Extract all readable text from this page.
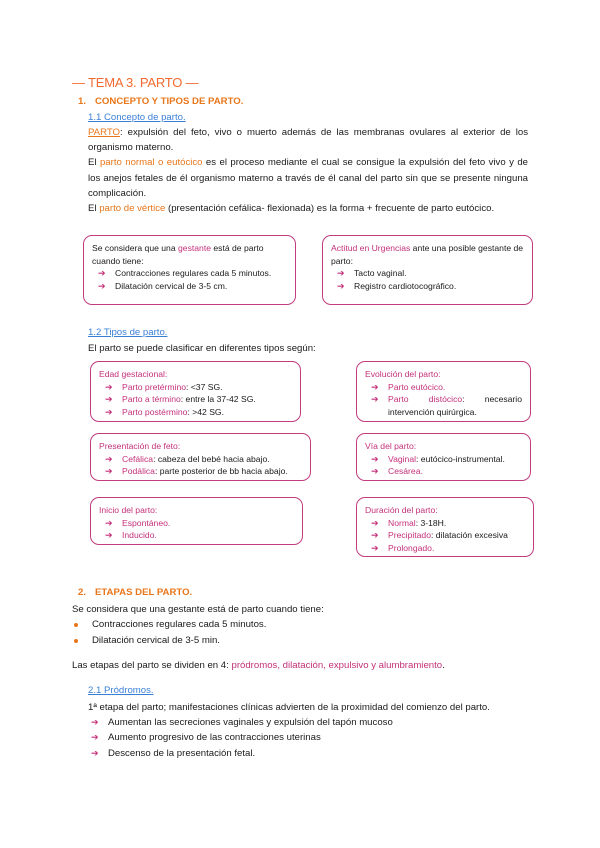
— TEMA 3. PARTO —
1. CONCEPTO Y TIPOS DE PARTO.
1.1 Concepto de parto.
PARTO: expulsión del feto, vivo o muerto además de las membranas ovulares al exterior de los organismo materno.
El parto normal o eutócico es el proceso mediante el cual se consigue la expulsión del feto vivo y de los anejos fetales de él organismo materno a través de él canal del parto sin que se presente ninguna complicación.
El parto de vértice (presentación cefálica- flexionada) es la forma + frecuente de parto eutócico.
Se considera que una gestante está de parto cuando tiene:
➔ Contracciones regulares cada 5 minutos.
➔ Dilatación cervical de 3-5 cm.
Actitud en Urgencias ante una posible gestante de parto:
➔ Tacto vaginal.
➔ Registro cardiotocográfico.
1.2 Tipos de parto.
El parto se puede clasificar en diferentes tipos según:
Edad gestacional:
➔ Parto pretérmino: <37 SG.
➔ Parto a término: entre la 37-42 SG.
➔ Parto postérmino: >42 SG.
Evolución del parto:
➔ Parto eutócico.
➔ Parto distócico: necesario intervención quirúrgica.
Presentación de feto:
➔ Cefálica: cabeza del bebé hacia abajo.
➔ Podálica: parte posterior de bb hacia abajo.
Vía del parto:
➔ Vaginal: eutócico-instrumental.
➔ Cesárea.
Inicio del parto:
➔ Espontáneo.
➔ Inducido.
Duración del parto:
➔ Normal: 3-18H.
➔ Precipitado: dilatación excesiva
➔ Prolongado.
2. ETAPAS DEL PARTO.
Se considera que una gestante está de parto cuando tiene:
Contracciones regulares cada 5 minutos.
Dilatación cervical de 3-5 min.
Las etapas del parto se dividen en 4: pródromos, dilatación, expulsivo y alumbramiento.
2.1 Pródromos.
1ª etapa del parto; manifestaciones clínicas advierten de la proximidad del comienzo del parto.
➔ Aumentan las secreciones vaginales y expulsión del tapón mucoso
➔ Aumento progresivo de las contracciones uterinas
➔ Descenso de la presentación fetal.
